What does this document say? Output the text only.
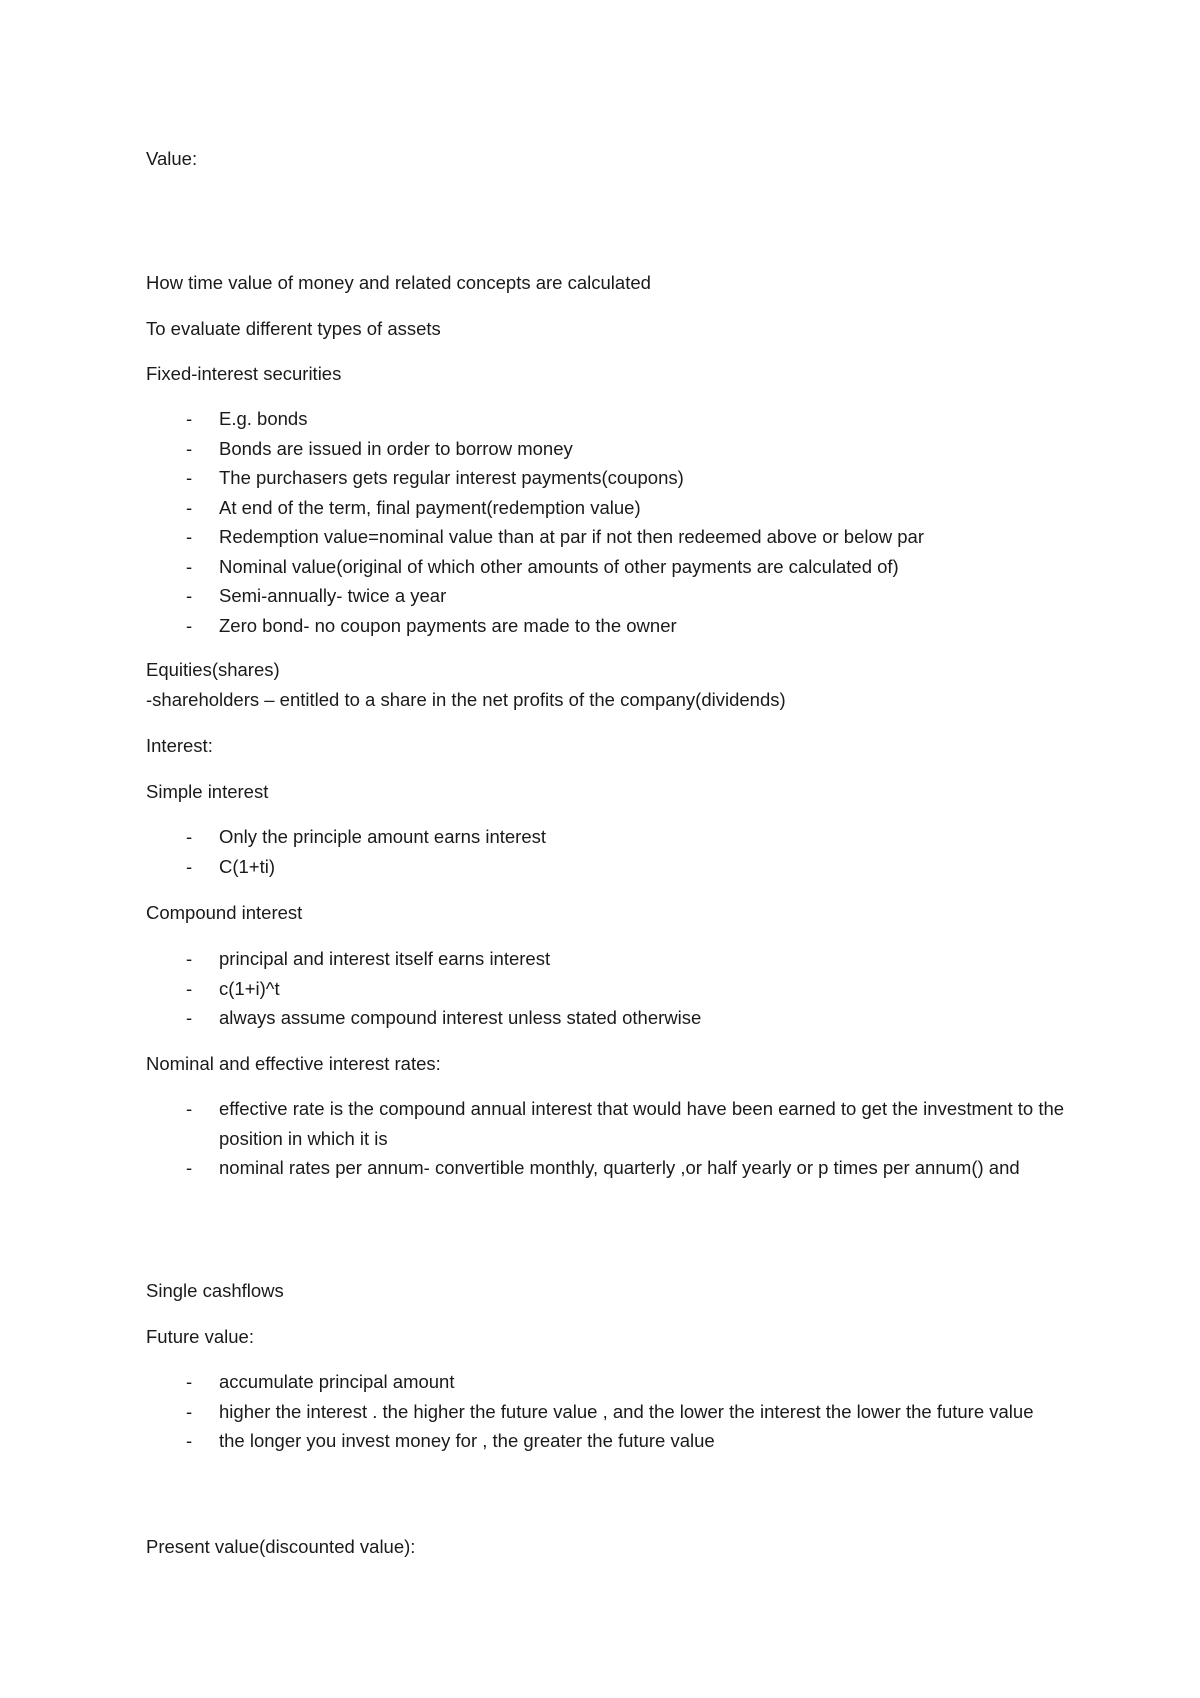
Value:

How time value of money and related concepts are calculated

To evaluate different types of assets

Fixed-interest securities

- E.g. bonds
- Bonds are issued in order to borrow money
- The purchasers gets regular interest payments(coupons)
- At end of the term, final payment(redemption value)
- Redemption value=nominal value than at par if not then redeemed above or below par
- Nominal value(original of which other amounts of other payments are calculated of)
- Semi-annually- twice a year
- Zero bond- no coupon payments are made to the owner

Equities(shares)

-shareholders – entitled to a share in the net profits of the company(dividends)

Interest:

Simple interest

- Only the principle amount earns interest
- C(1+ti)

Compound interest

- principal and interest itself earns interest
- c(1+i)^t
- always assume compound interest unless stated otherwise

Nominal and effective interest rates:

- effective rate is the compound annual interest that would have been earned to get the investment to the position in which it is
- nominal rates per annum- convertible monthly, quarterly ,or half yearly or p times per annum() and

Single cashflows

Future value:

- accumulate principal amount
- higher the interest . the higher the future value , and the lower the interest the lower the future value
- the longer you invest money for , the greater the future value

Present value(discounted value):
